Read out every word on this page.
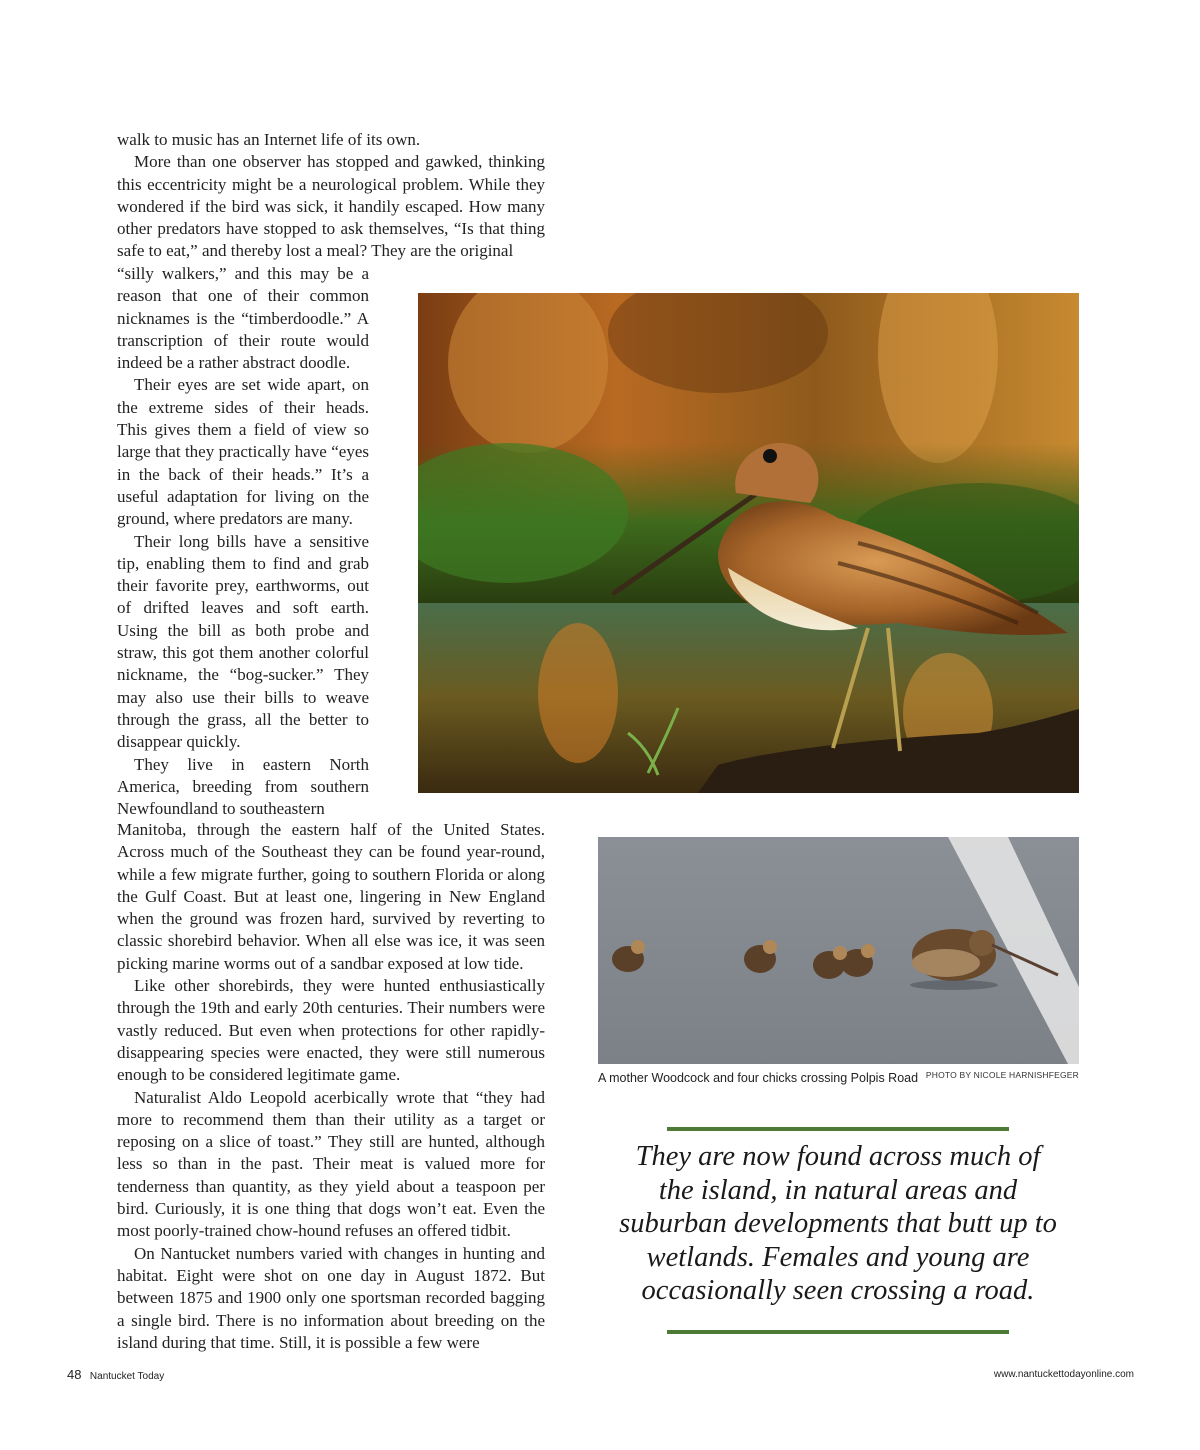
walk to music has an Internet life of its own.

More than one observer has stopped and gawked, thinking this eccentricity might be a neurological problem. While they wondered if the bird was sick, it handily escaped. How many other predators have stopped to ask themselves, “Is that thing safe to eat,” and thereby lost a meal? They are the original

“silly walkers,” and this may be a reason that one of their common nicknames is the “timberdoodle.” A transcription of their route would indeed be a rather abstract doodle.

Their eyes are set wide apart, on the extreme sides of their heads. This gives them a field of view so large that they practically have “eyes in the back of their heads.” It’s a useful adaptation for living on the ground, where predators are many.

Their long bills have a sensitive tip, enabling them to find and grab their favorite prey, earthworms, out of drifted leaves and soft earth. Using the bill as both probe and straw, this got them another colorful nickname, the “bog-sucker.” They may also use their bills to weave through the grass, all the better to disappear quickly.

They live in eastern North America, breeding from southern Newfoundland to southeastern

Manitoba, through the eastern half of the United States. Across much of the Southeast they can be found year-round, while a few migrate further, going to southern Florida or along the Gulf Coast. But at least one, lingering in New England when the ground was frozen hard, survived by reverting to classic shorebird behavior. When all else was ice, it was seen picking marine worms out of a sandbar exposed at low tide.

Like other shorebirds, they were hunted enthusiastically through the 19th and early 20th centuries. Their numbers were vastly reduced. But even when protections for other rapidly-disappearing species were enacted, they were still numerous enough to be considered legitimate game.

Naturalist Aldo Leopold acerbically wrote that “they had more to recommend them than their utility as a target or reposing on a slice of toast.” They still are hunted, although less so than in the past. Their meat is valued more for tenderness than quantity, as they yield about a teaspoon per bird. Curiously, it is one thing that dogs won’t eat. Even the most poorly-trained chow-hound refuses an offered tidbit.

On Nantucket numbers varied with changes in hunting and habitat. Eight were shot on one day in August 1872. But between 1875 and 1900 only one sportsman recorded bagging a single bird. There is no information about breeding on the island during that time. Still, it is possible a few were

A mother Woodcock and four chicks crossing Polpis Road PHOTO BY NICOLE HARNISHFEGER
They are now found across much of
the island, in natural areas and
suburban developments that butt up to
wetlands. Females and young are
occasionally seen crossing a road.
48 Nantucket Today	www.nantuckettodayonline.com
